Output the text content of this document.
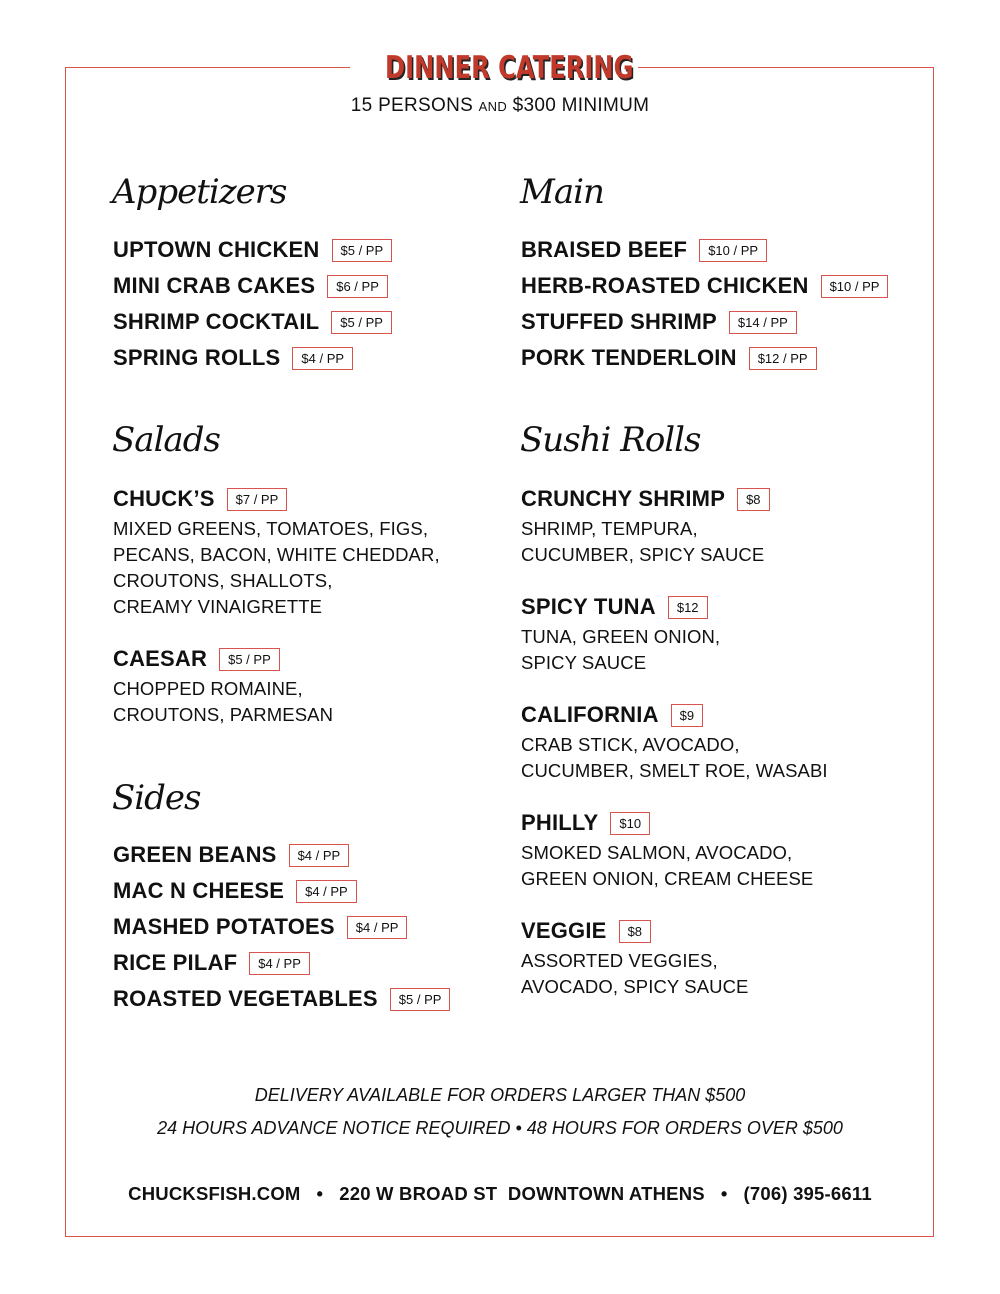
DINNER CATERING
15 PERSONS AND $300 MINIMUM
Appetizers
UPTOWN CHICKEN	$5 / PP
MINI CRAB CAKES	$6 / PP
SHRIMP COCKTAIL	$5 / PP
SPRING ROLLS	$4 / PP
Main
BRAISED BEEF	$10 / PP
HERB-ROASTED CHICKEN	$10 / PP
STUFFED SHRIMP	$14 / PP
PORK TENDERLOIN	$12 / PP
Salads
CHUCK’S	$7 / PP
MIXED GREENS, TOMATOES, FIGS,
PECANS, BACON, WHITE CHEDDAR,
CROUTONS, SHALLOTS,
CREAMY VINAIGRETTE
CAESAR	$5 / PP
CHOPPED ROMAINE,
CROUTONS, PARMESAN
Sides
GREEN BEANS	$4 / PP
MAC N CHEESE	$4 / PP
MASHED POTATOES	$4 / PP
RICE PILAF	$4 / PP
ROASTED VEGETABLES	$5 / PP
Sushi Rolls
CRUNCHY SHRIMP	$8
SHRIMP, TEMPURA,
CUCUMBER, SPICY SAUCE
SPICY TUNA	$12
TUNA, GREEN ONION,
SPICY SAUCE
CALIFORNIA	$9
CRAB STICK, AVOCADO,
CUCUMBER, SMELT ROE, WASABI
PHILLY	$10
SMOKED SALMON, AVOCADO,
GREEN ONION, CREAM CHEESE
VEGGIE	$8
ASSORTED VEGGIES,
AVOCADO, SPICY SAUCE
DELIVERY AVAILABLE FOR ORDERS LARGER THAN $500
24 HOURS ADVANCE NOTICE REQUIRED • 48 HOURS FOR ORDERS OVER $500
CHUCKSFISH.COM   •   220 W BROAD ST  DOWNTOWN ATHENS   •   (706) 395-6611
